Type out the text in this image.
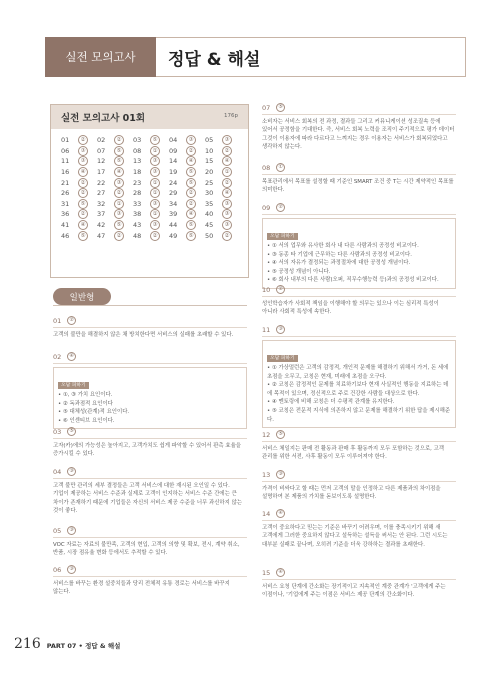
실전 모의고사	정답 & 해설
실전 모의고사 01회	176p
01	②	02	②	03	⑤	04	③	05	③
06	③	07	⑤	08	①	09	②	10	②
11	③	12	⑤	13	③	14	④	15	④
16	④	17	④	18	③	19	⑤	20	①
21	②	22	③	23	①	24	⑤	25	②
26	②	27	②	28	①	29	②	30	④
31	⑤	32	①	33	③	34	②	35	③
36	②	37	③	38	①	39	④	40	③
41	④	42	⑤	43	③	44	⑤	45	③
46	⑤	47	②	48	②	49	⑤	50	②
일반형
01	②
고객의 불만을 해결하지 않은 채 방치한다면 서비스의 실패를 초래할 수 있다.
02	④
오답 피하기
• ①, ③ 가치 요인이다.
• ② 독과점적 요인이다
• ⑤ 대체성(관계)적 요인이다.
• ⑥ 인센티브 요인이다.
03	⑤
고자(카)에의 가능성은 높아지고, 고객가치도 쉽게 파악할 수 있어서 판촉 효율을 증가시킬 수 있다.
04	③
고객 불만 관리의 세부 결정들은 고객 서비스에 대한 재시된 오인일 수 있다. 기업이 제공하는 서비스 수준과 실제로 고객이 인지하는 서비스 수준 간에는 큰 차이가 존재하기 때문에 기업들은 자신의 서비스 제공 수준을 너무 과신하지 않는 것이 좋다.
05	③
VOC 자료는 자료의 불만족, 고객의 현입, 고객의 의향 및 확보, 전시, 계약 취소, 반품, 시장 점유율 변화 등에서도 추적할 수 있다.
06	③
서비스를 바꾸는 환경 설중치들과 당리 전체적 유통 경로는 서비스를 바꾸지 않는다.
07	⑤
소비자는 서비스 회복의 전 과정, 결과들 그리고 커뮤니케이션 성조질속 등에 있어서 공정함을 기대한다. 즉, 서비스 회복 노력을 조직이 주기적으로 평가 데이터 그것이 이용자에 따라 다르다고 느껴지는 경우 이용자는 서비스가 회복되었다고 생각하지 않는다.
08	①
목표관리에서 목표를 설정할 때 기준인 SMART 조건 중 T는 시간 제약적인 목표를 의미한다.
09	②
오답 피하기
• ① 서의 업무와 유사한 회사 내 다른 사람과의 공정성 비교이다.
• ③ 동종 타 기업에 근무하는 다른 사람과의 공정성 비교이다.
• ④ 서의 자유가 결정되는 과정절차에 대한 공정성 개념이다.
• ⑤ 공정성 개념이 아니다.
• ⑥ 회사 내부의 다른 사람(오퍼, 직무수행능력 등)과의 공정성 비교이다.
10	②
성인학습자가 사회적 책임을 이행해야 할 의무는 있으나 이는 심리적 특성이 아니라 사회적 특성에 속한다.
11	③
오답 피하기
• ① 가상멀런은 고객의 감정적, 개인적 문제를 해결하기 위해서 가거, 돈 세에 초점을 오무고, 코칭은 현재, 미래에 초점을 오구다.
• ② 코칭은 감정적인 문제를 치료하기보다 현재 사실적인 행동을 지료하는 데에 목적이 있으며, 정신적으로 주로 건강한 사람들 대상으로 한다.
• ④ 멘토링에 비해 코칭은 더 수평적 관계를 유지한다.
• ⑤ 코칭은 전문적 지식에 의존하지 않고 문제를 해결하기 위한 답을 제시해준다.
12	⑤
서비스 체일지는 판매 전 활동과 판매 후 활동까지 모두 포함하는 것으로, 고객 관리를 위한 서전, 사후 활동이 모두 이루어져야 한다.
13	③
가격이 비싸다고 할 때는 먼저 고객의 말을 인정하고 다른 제품과의 차이점을 설명하여 본 제품의 가치를 돋보이도록 설명한다.
14	④
고객이 중요하다고 믿는는 기준은 바꾸기 어려우며, 이를 충족시키기 위해 새 고객에게 그러한 중요하지 않다고 설득하는 설득을 써서는 안 된다. 그런 시도는 대부분 실패로 끝나며, 오히려 기준을 더욱 강하하는 결과를 초래한다.
15	④
서비스 요청 단계에 간소화는 장기적이고 지속적인 계중 관계가 '고객에게 주는 이점이나, '기업에게 주는 이점은 서비스 제공 단계의 간소화이다.
216 PART 07 • 정답 & 해설
